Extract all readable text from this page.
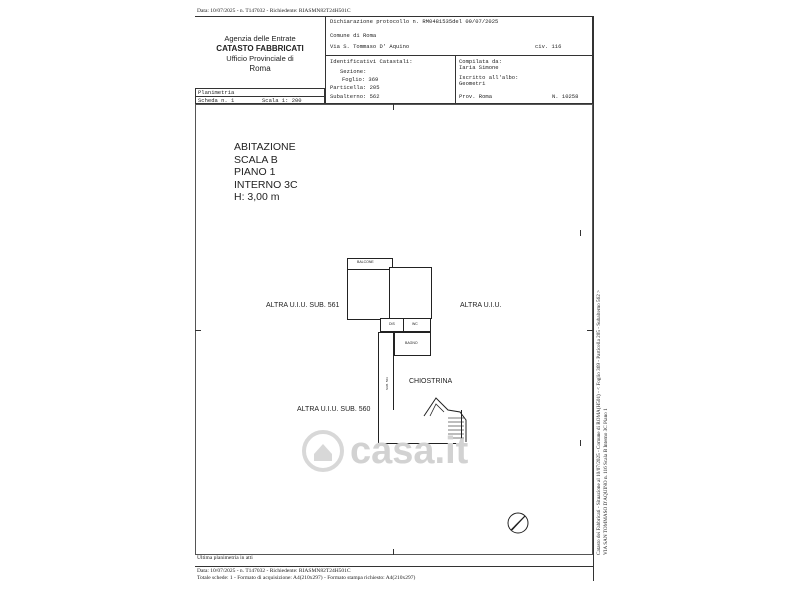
Data: 10/07/2025 - n. T147032 - Richiedente: RIASMN82T24H501C
Agenzia delle Entrate
CATASTO FABBRICATI
Ufficio Provinciale di
Roma
Dichiarazione protocollo n. RM0481535del 09/07/2025
Comune di Roma
Via S. Tommaso D' Aquino	civ. 116
Identificativi Catastali:
Sezione:
Foglio: 369
Particella: 205
Subalterno: 562
Compilata da:
Iaria Simone
Iscritto all'albo:
Geometri
Prov. Roma	N. 10258
Planimetria
Scheda n. 1	Scala 1: 200
ABITAZIONE
SCALA B
PIANO 1
INTERNO 3C
H: 3,00 m
BALCONE
DIS	WC
BAGNO
SUB. 563
ALTRA U.I.U. SUB. 561	ALTRA U.I.U.
CHIOSTRINA
ALTRA U.I.U. SUB. 560
casa.it	Catasto dei Fabbricati - Situazione al 10/07/2025 - Comune di ROMA(H501) - < Foglio 369 - Particella 205 - Subalterno 562 > VIA SAN TOMMASO D'AQUINO n. 116 Scala B Interno 3C Piano 1
Ultima planimetria in atti
Data: 10/07/2025 - n. T147032 - Richiedente: RIASMN82T24H501C
Totale schede: 1 - Formato di acquisizione: A4(210x297) - Formato stampa richiesto: A4(210x297)
